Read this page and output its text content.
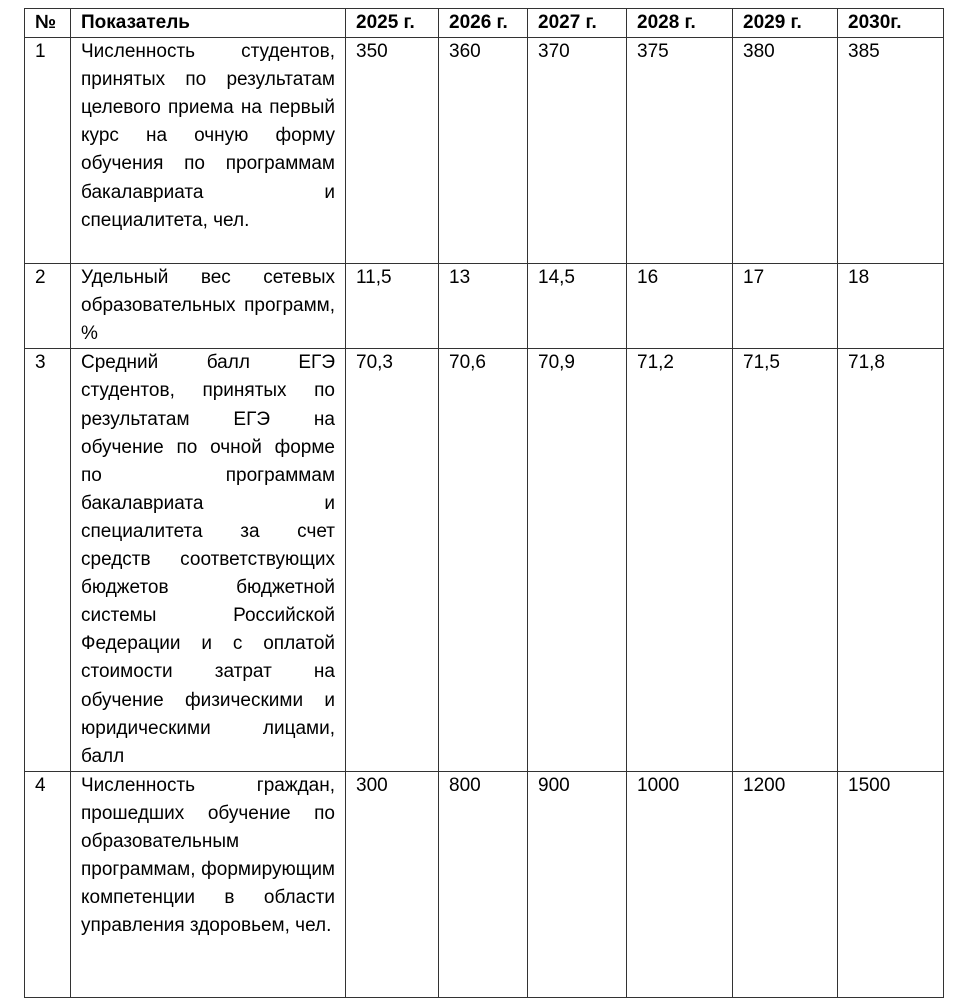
№	Показатель	2025 г.	2026 г.	2027 г.	2028 г.	2029 г.	2030г.
1	Численность студентов, принятых по результатам целевого приема на первый курс на очную форму обучения по программам бакалавриата и специалитета, чел.	350	360	370	375	380	385
2	Удельный вес сетевых образовательных программ, %	11,5	13	14,5	16	17	18
3	Средний балл ЕГЭ студентов, принятых по результатам ЕГЭ на обучение по очной форме по программам бакалавриата и специалитета за счет средств соответствующих бюджетов бюджетной системы Российской Федерации и с оплатой стоимости затрат на обучение физическими и юридическими лицами, балл	70,3	70,6	70,9	71,2	71,5	71,8
4	Численность граждан, прошедших обучение по образовательным программам, формирующим компетенции в области управления здоровьем, чел.	300	800	900	1000	1200	1500
